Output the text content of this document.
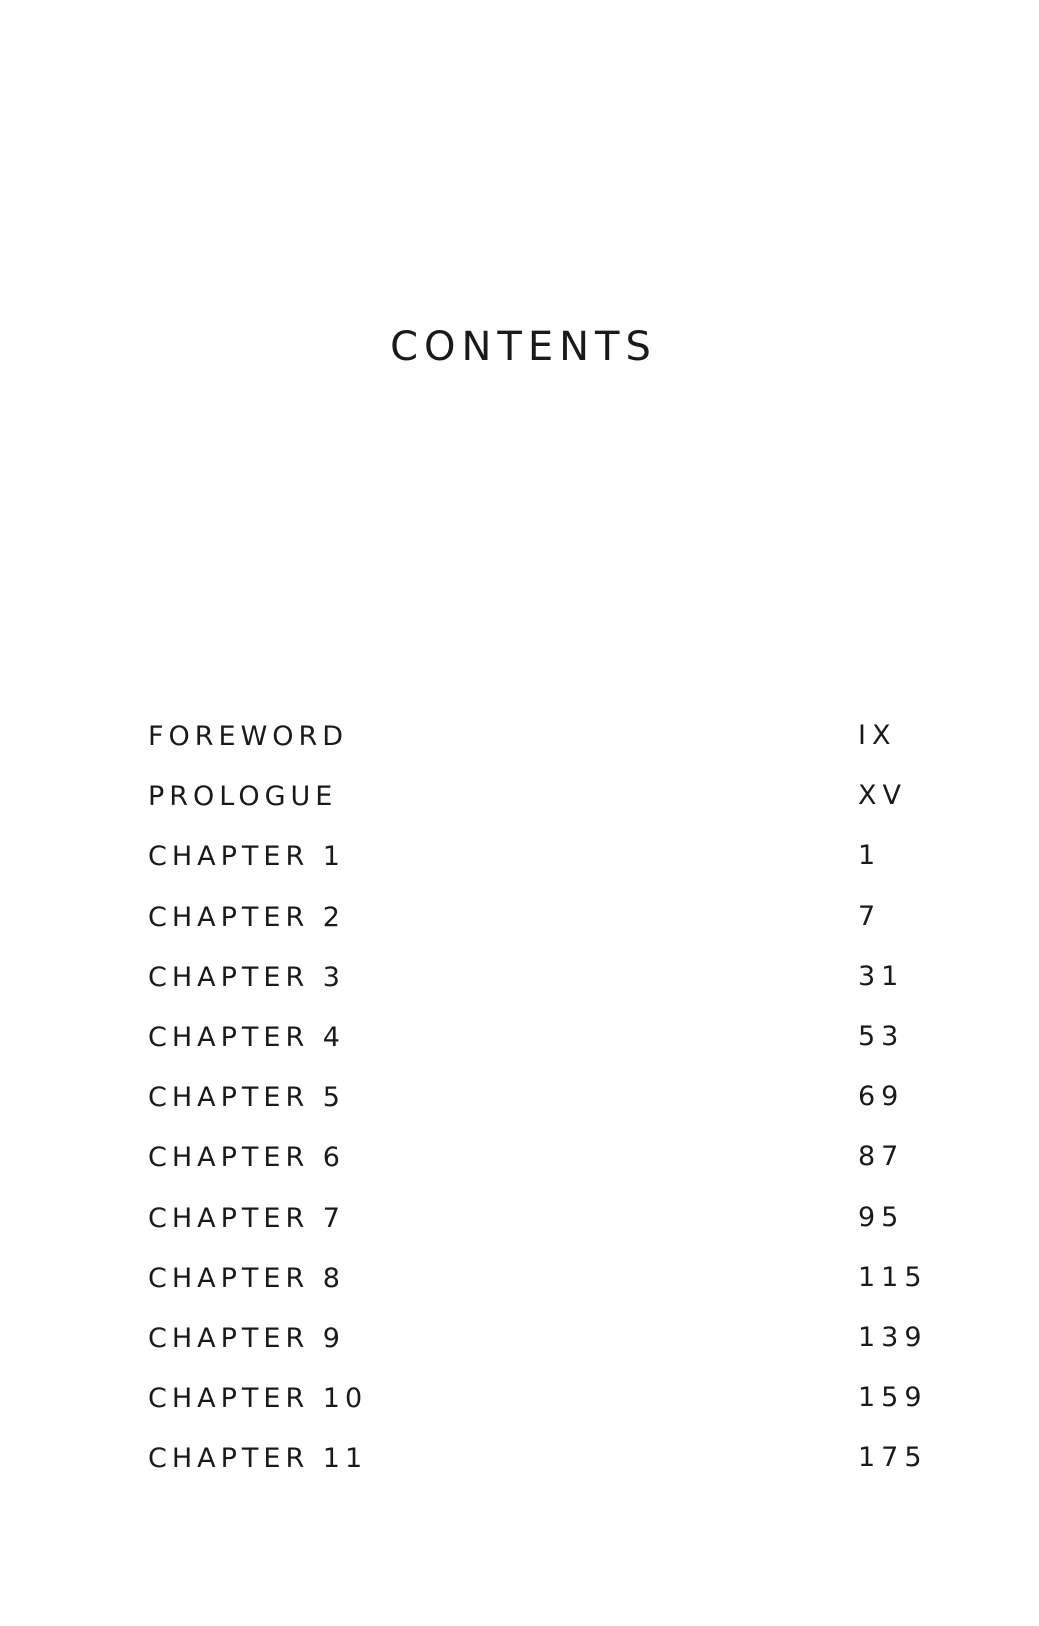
CONTENTS
FOREWORD	IX
PROLOGUE	XV
CHAPTER 1	1
CHAPTER 2	7
CHAPTER 3	31
CHAPTER 4	53
CHAPTER 5	69
CHAPTER 6	87
CHAPTER 7	95
CHAPTER 8	115
CHAPTER 9	139
CHAPTER 10	159
CHAPTER 11	175
